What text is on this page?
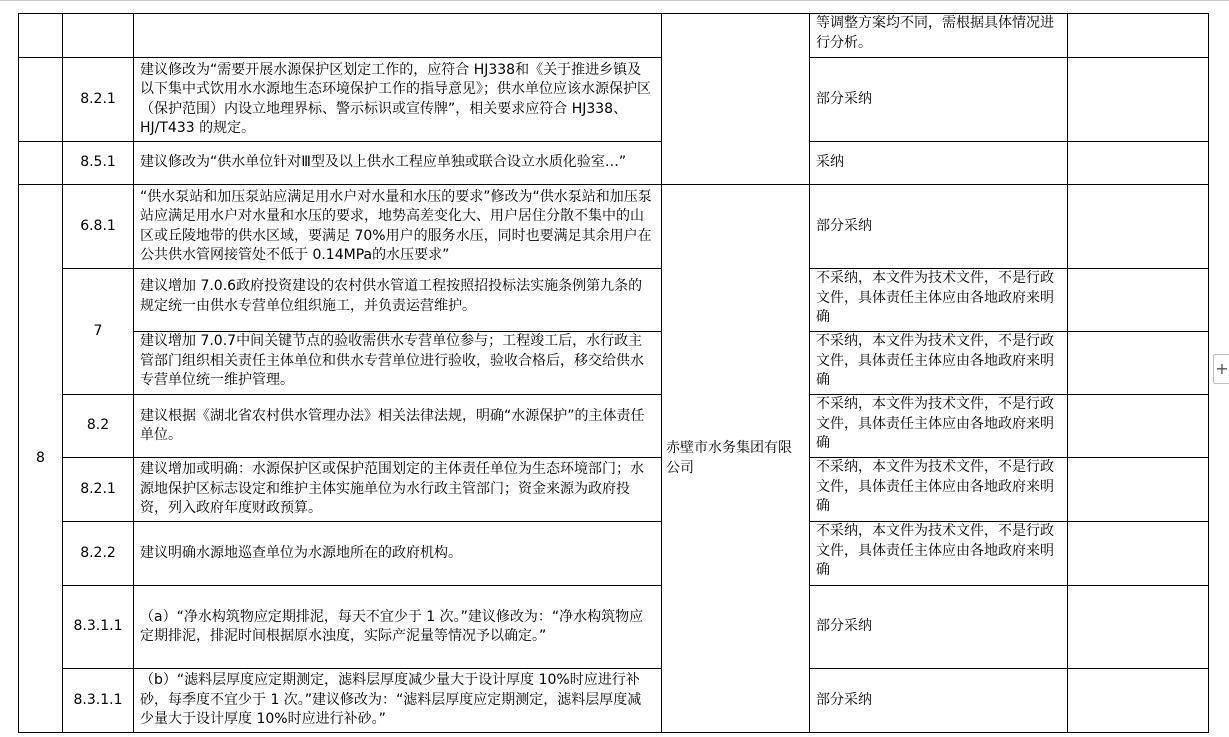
				等调整方案均不同，需根据具体情况进行分析。	
	8.2.1	建议修改为“需要开展水源保护区划定工作的，应符合 HJ338和《关于推进乡镇及以下集中式饮用水水源地生态环境保护工作的指导意见》；供水单位应该水源保护区（保护范围）内设立地理界标、警示标识或宣传牌”，相关要求应符合 HJ338、HJ/T433 的规定。		部分采纳	
	8.5.1	建议修改为“供水单位针对Ⅲ型及以上供水工程应单独或联合设立水质化验室…”		采纳	
8	6.8.1	“供水泵站和加压泵站应满足用水户对水量和水压的要求”修改为“供水泵站和加压泵站应满足用水户对水量和水压的要求，地势高差变化大、用户居住分散不集中的山区或丘陵地带的供水区域，要满足 70%用户的服务水压，同时也要满足其余用户在公共供水管网接管处不低于 0.14MPa的水压要求”	赤壁市水务集团有限公司	部分采纳	
	7	建议增加 7.0.6政府投资建设的农村供水管道工程按照招投标法实施条例第九条的规定统一由供水专营单位组织施工，并负责运营维护。		不采纳，本文件为技术文件，不是行政文件，具体责任主体应由各地政府来明确	
		建议增加 7.0.7中间关键节点的验收需供水专营单位参与；工程竣工后，水行政主管部门组织相关责任主体单位和供水专营单位进行验收，验收合格后，移交给供水专营单位统一维护管理。		不采纳，本文件为技术文件，不是行政文件，具体责任主体应由各地政府来明确	
	8.2	建议根据《湖北省农村供水管理办法》相关法律法规，明确“水源保护”的主体责任单位。		不采纳，本文件为技术文件，不是行政文件，具体责任主体应由各地政府来明确	
	8.2.1	建议增加或明确：水源保护区或保护范围划定的主体责任单位为生态环境部门；水源地保护区标志设定和维护主体实施单位为水行政主管部门；资金来源为政府投资，列入政府年度财政预算。		不采纳，本文件为技术文件，不是行政文件，具体责任主体应由各地政府来明确	
	8.2.2	建议明确水源地巡查单位为水源地所在的政府机构。		不采纳，本文件为技术文件，不是行政文件，具体责任主体应由各地政府来明确	
	8.3.1.1	（a）“净水构筑物应定期排泥，每天不宜少于 1 次。”建议修改为：“净水构筑物应定期排泥，排泥时间根据原水浊度，实际产泥量等情况予以确定。”		部分采纳	
	8.3.1.1	（b）“滤料层厚度应定期测定，滤料层厚度减少量大于设计厚度 10%时应进行补砂，每季度不宜少于 1 次。”建议修改为：“滤料层厚度应定期测定，滤料层厚度减少量大于设计厚度 10%时应进行补砂。”		部分采纳	
+
